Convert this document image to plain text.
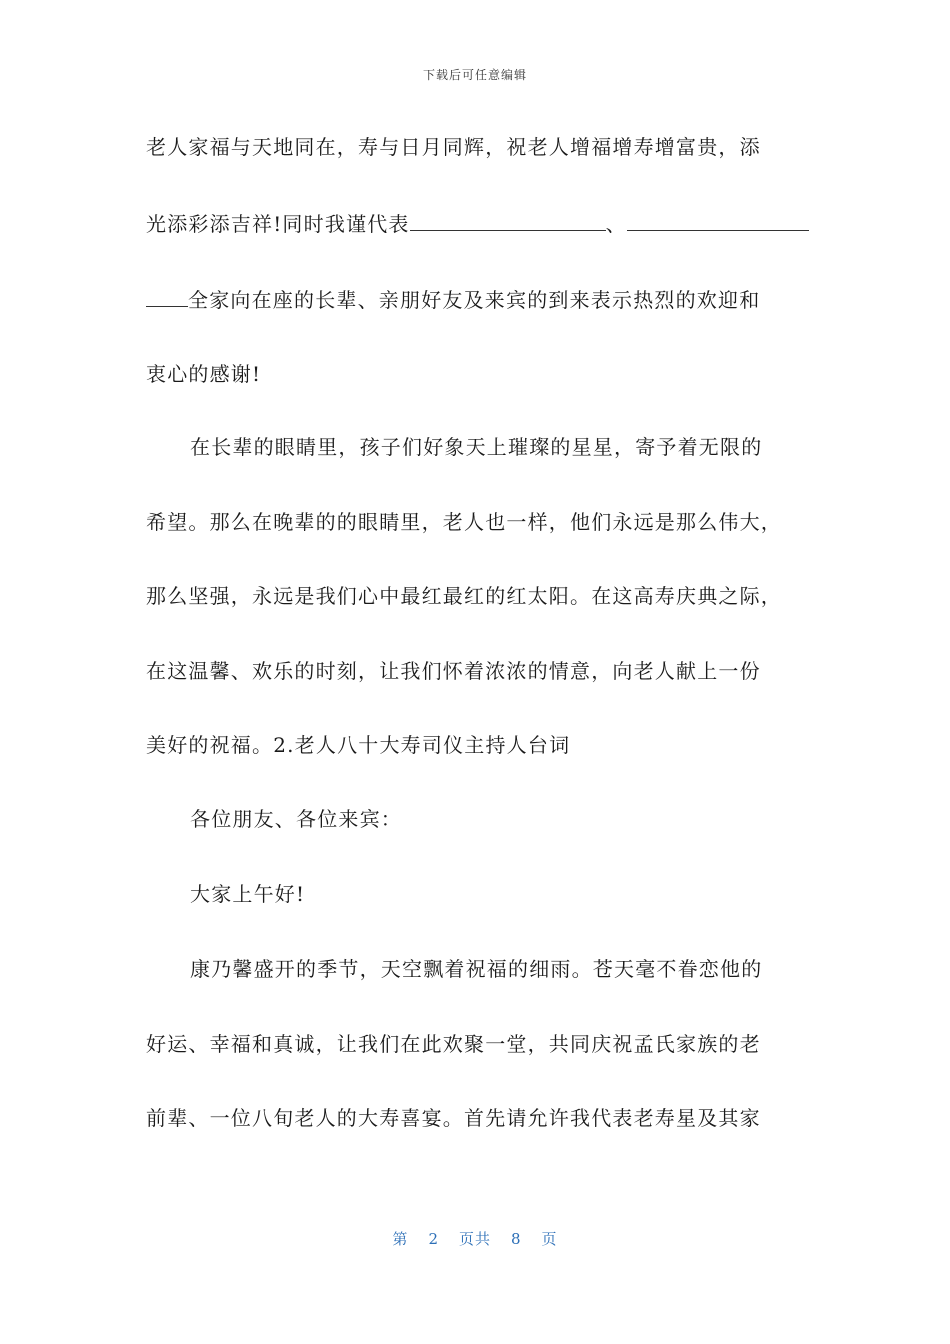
下载后可任意编辑
老人家福与天地同在，寿与日月同辉，祝老人增福增寿增富贵，添
光添彩添吉祥!同时我谨代表	、
全家向在座的长辈、亲朋好友及来宾的到来表示热烈的欢迎和
衷心的感谢!
在长辈的眼睛里，孩子们好象天上璀璨的星星，寄予着无限的
希望。那么在晚辈的的眼睛里，老人也一样，他们永远是那么伟大，
那么坚强，永远是我们心中最红最红的红太阳。在这高寿庆典之际，
在这温馨、欢乐的时刻，让我们怀着浓浓的情意，向老人献上一份
美好的祝福。2.老人八十大寿司仪主持人台词
各位朋友、各位来宾：
大家上午好!
康乃馨盛开的季节，天空飘着祝福的细雨。苍天毫不眷恋他的
好运、幸福和真诚，让我们在此欢聚一堂，共同庆祝孟氏家族的老
前辈、一位八旬老人的大寿喜宴。首先请允许我代表老寿星及其家
第 2 页共 8 页
